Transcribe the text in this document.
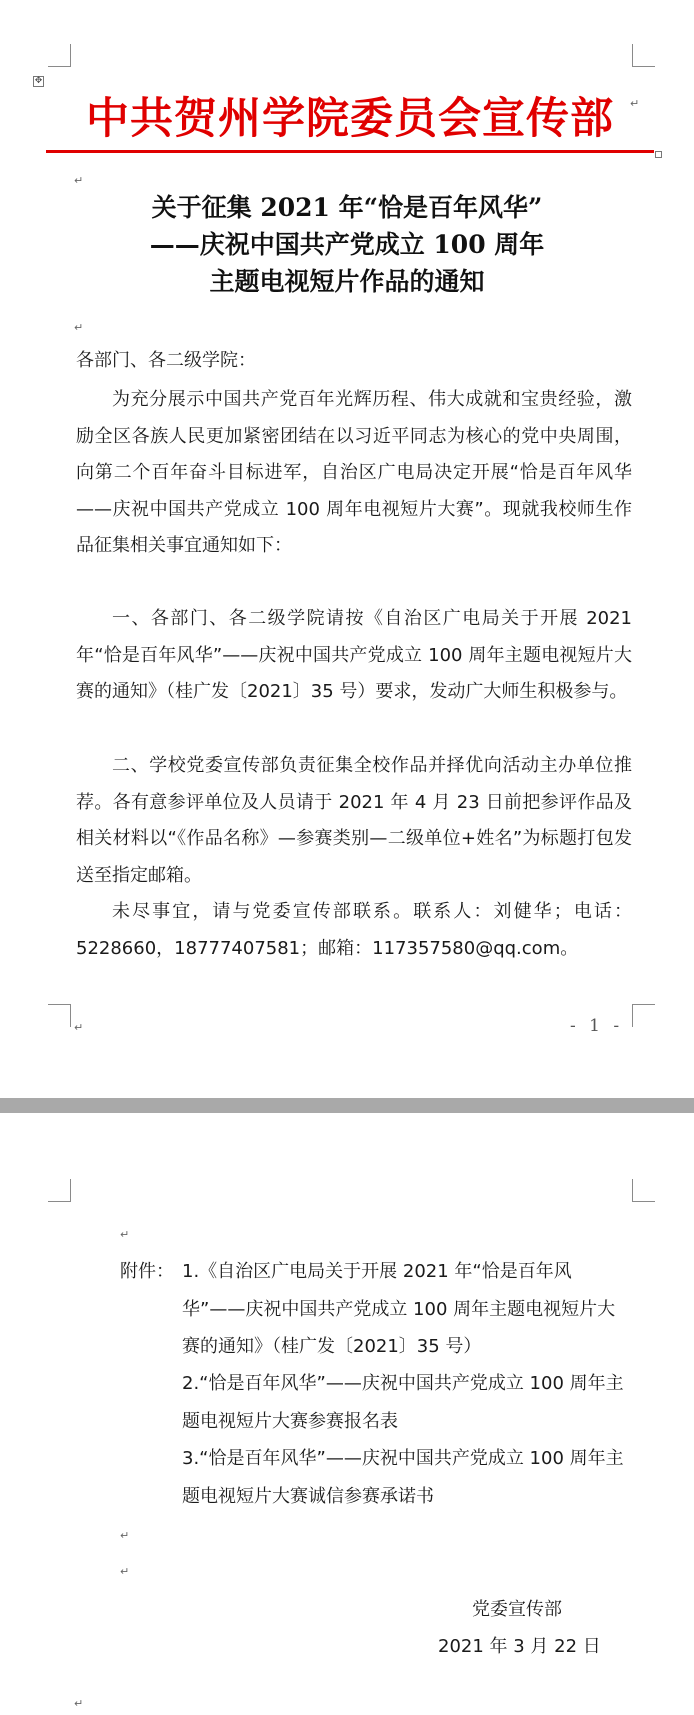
✥
中共贺州学院委员会宣传部	↵
↵
关于征集 2021 年“恰是百年风华”
——庆祝中国共产党成立 100 周年
主题电视短片作品的通知
↵
各部门、各二级学院：

为充分展示中国共产党百年光辉历程、伟大成就和宝贵经验，激励全区各族人民更加紧密团结在以习近平同志为核心的党中央周围，向第二个百年奋斗目标进军，自治区广电局决定开展“恰是百年风华——庆祝中国共产党成立 100 周年电视短片大赛”。现就我校师生作品征集相关事宜通知如下：

一、各部门、各二级学院请按《自治区广电局关于开展 2021 年“恰是百年风华”——庆祝中国共产党成立 100 周年主题电视短片大赛的通知》（桂广发〔2021〕35 号）要求，发动广大师生积极参与。

二、学校党委宣传部负责征集全校作品并择优向活动主办单位推荐。各有意参评单位及人员请于 2021 年 4 月 23 日前把参评作品及相关材料以“《作品名称》—参赛类别—二级单位+姓名”为标题打包发送至指定邮箱。

未尽事宜，请与党委宣传部联系。联系人：刘健华；电话：5228660，18777407581；邮箱：117357580@qq.com。

↵	- 1 -
↵
附件： 1.《自治区广电局关于开展 2021 年“恰是百年风华”——庆祝中国共产党成立 100 周年主题电视短片大赛的通知》（桂广发〔2021〕35 号）

2.“恰是百年风华”——庆祝中国共产党成立 100 周年主题电视短片大赛参赛报名表

3.“恰是百年风华”——庆祝中国共产党成立 100 周年主题电视短片大赛诚信参赛承诺书

↵
↵
党委宣传部
2021 年 3 月 22 日
↵
